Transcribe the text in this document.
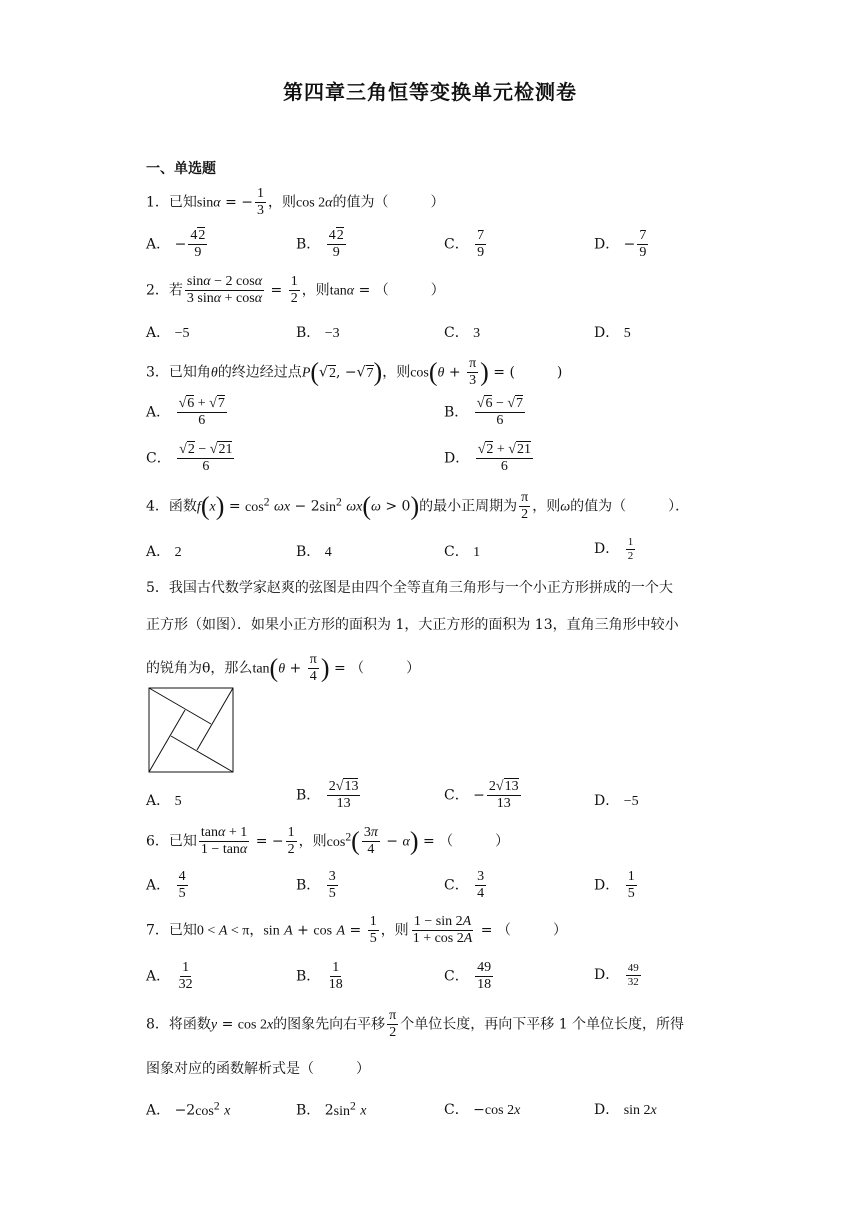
第四章三角恒等变换单元检测卷
一、单选题
1．已知sinα = − $\frac{1}{3}$ ，则cos 2α的值为（　　　）
A． − $\frac{42}{9}$	B． $\frac{42}{9}$	C． $\frac{7}{9}$	D． − $\frac{7}{9}$
2．若 $\frac{\sin\alpha - 2 \cos\alpha}{3 \sin\alpha + \cos\alpha} = \frac{1}{2}$ ，则tanα = （　　　）
A． −5	B． −3	C． 3	D． 5
3．已知角θ的终边经过点P(√2, −√7)，则$\cos(\theta + \frac{\pi}{3}$ ) = (　　　)
A． $\frac{√6 + √7}{6}$	B． $\frac{√6 - √7}{6}$
C． $\frac{√2 - √21}{6}$	D． $\frac{√2 + √21}{6}$
4．函数$f(x) = \cos^2 \omega x - 2\sin^2$ ωx(ω > 0)的最小正周期为 $\frac{\pi}{2}$ ，则ω的值为（　　　）．
A． 2	B． 4	C． 1	D． $\frac{1}{2}$
5．我国古代数学家赵爽的弦图是由四个全等直角三角形与一个小正方形拼成的一个大
正方形（如图）．如果小正方形的面积为 1，大正方形的面积为 13，直角三角形中较小
的锐角为θ，那么$\tan(\theta + \frac{\pi}{4}$ ) = （　　　）
A． 5	B． $\frac{2√13}{13}$	C． − $\frac{2√13}{13}$	D． −5
6．已知 $\frac{\tan\alpha + 1}{1 - \tan\alpha}$ = − $\frac{1}{2}$ ，则$\cos^2( \frac{3\pi}{4} - \alpha)$ = （　　　）
A． $\frac{4}{5}$	B． $\frac{3}{5}$	C． $\frac{3}{4}$	D． $\frac{1}{5}$
7．已知0 < A < π，$\sin A + \cos A = \frac{1}{5}$ ，则 $\frac{1 - \sin 2A}{1 + \cos 2A}$ = （　　　）
A． $\frac{1}{32}$	B． $\frac{1}{18}$	C． $\frac{49}{18}$	D． $\frac{49}{32}$
8．将函数y = cos 2x的图象先向右平移 $\frac{\pi}{2}$ 个单位长度，再向下平移 1 个单位长度，所得
图象对应的函数解析式是（　　　）
A． $-2\cos^2$ x	B． $2\sin^2$ x	C． −cos 2x	D． sin 2x
